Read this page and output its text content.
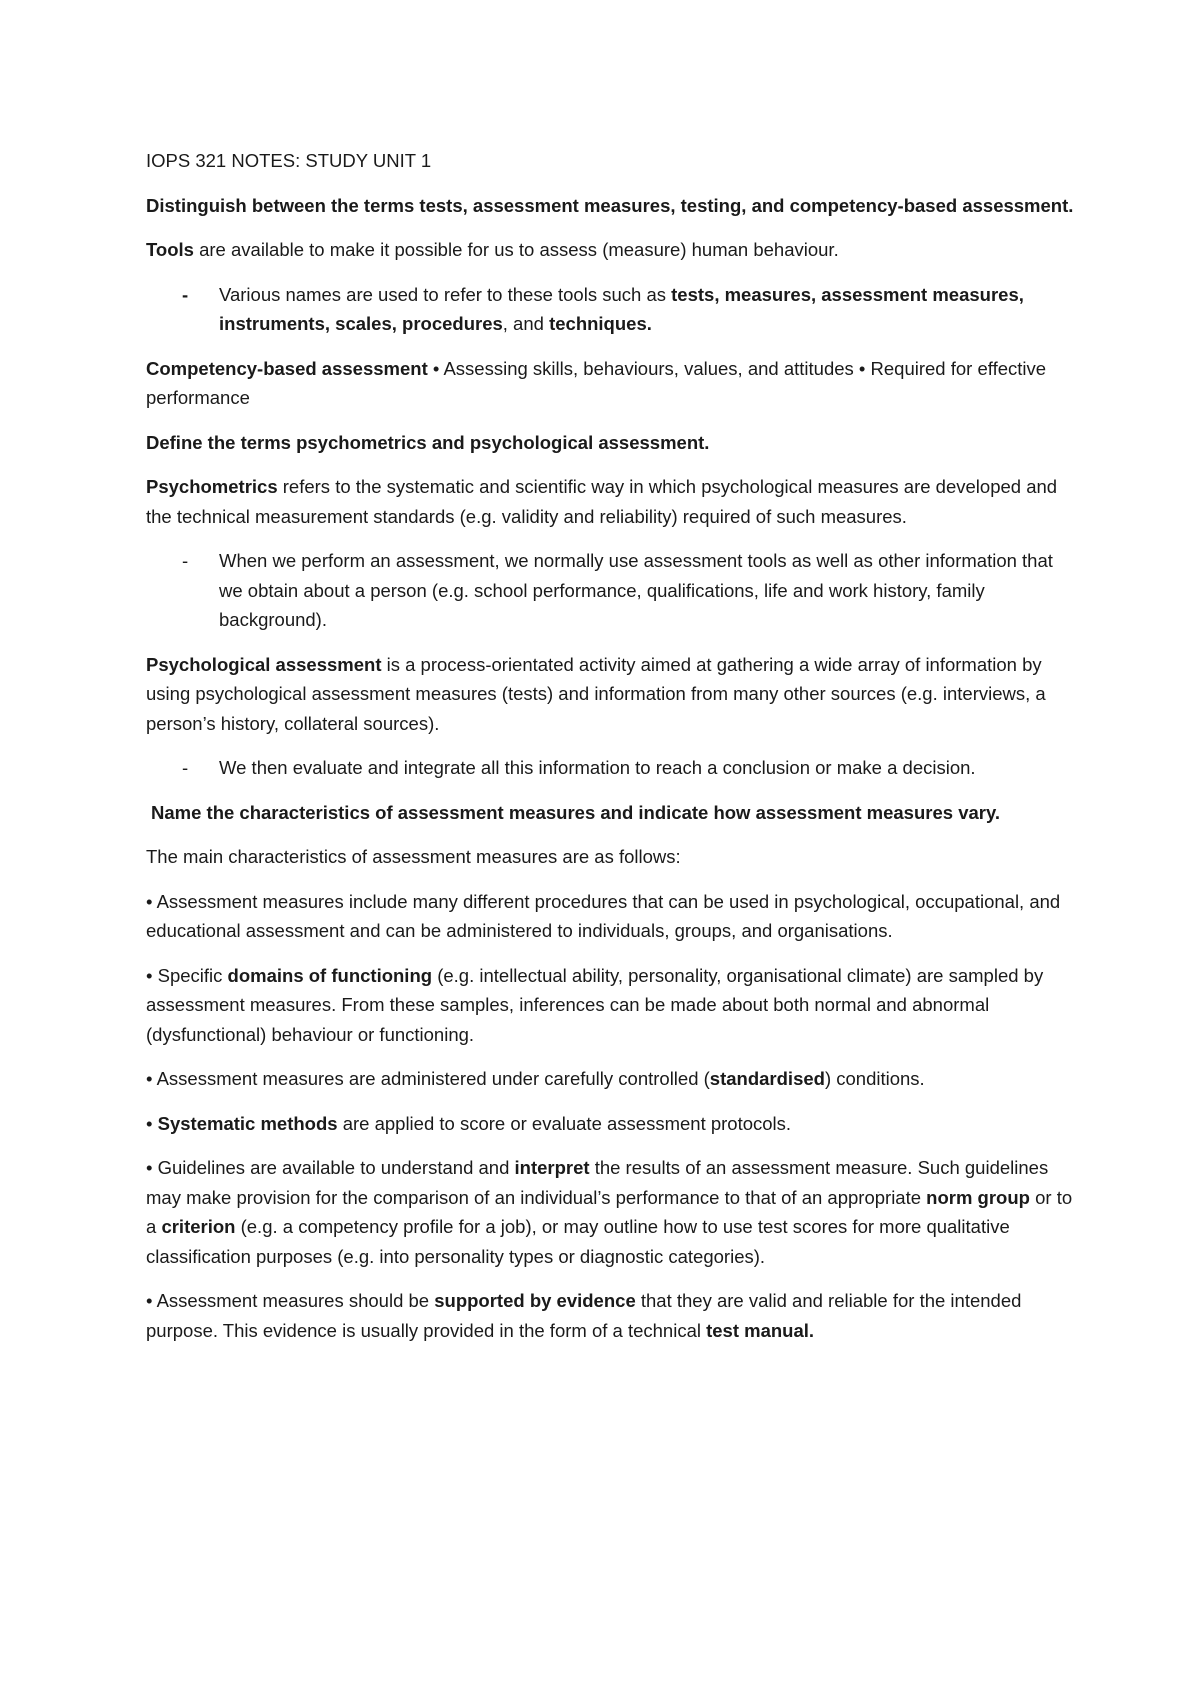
IOPS 321 NOTES: STUDY UNIT 1

Distinguish between the terms tests, assessment measures, testing, and competency-based assessment.

Tools are available to make it possible for us to assess (measure) human behaviour.

- Various names are used to refer to these tools such as tests, measures, assessment measures, instruments, scales, procedures, and techniques.

Competency-based assessment • Assessing skills, behaviours, values, and attitudes • Required for effective performance

Define the terms psychometrics and psychological assessment.

Psychometrics refers to the systematic and scientific way in which psychological measures are developed and the technical measurement standards (e.g. validity and reliability) required of such measures.

- When we perform an assessment, we normally use assessment tools as well as other information that we obtain about a person (e.g. school performance, qualifications, life and work history, family background).

Psychological assessment is a process-orientated activity aimed at gathering a wide array of information by using psychological assessment measures (tests) and information from many other sources (e.g. interviews, a person’s history, collateral sources).

- We then evaluate and integrate all this information to reach a conclusion or make a decision.

Name the characteristics of assessment measures and indicate how assessment measures vary.

The main characteristics of assessment measures are as follows:

• Assessment measures include many different procedures that can be used in psychological, occupational, and educational assessment and can be administered to individuals, groups, and organisations.

• Specific domains of functioning (e.g. intellectual ability, personality, organisational climate) are sampled by assessment measures. From these samples, inferences can be made about both normal and abnormal (dysfunctional) behaviour or functioning.

• Assessment measures are administered under carefully controlled (standardised) conditions.

• Systematic methods are applied to score or evaluate assessment protocols.

• Guidelines are available to understand and interpret the results of an assessment measure. Such guidelines may make provision for the comparison of an individual’s performance to that of an appropriate norm group or to a criterion (e.g. a competency profile for a job), or may outline how to use test scores for more qualitative classification purposes (e.g. into personality types or diagnostic categories).

• Assessment measures should be supported by evidence that they are valid and reliable for the intended purpose. This evidence is usually provided in the form of a technical test manual.
